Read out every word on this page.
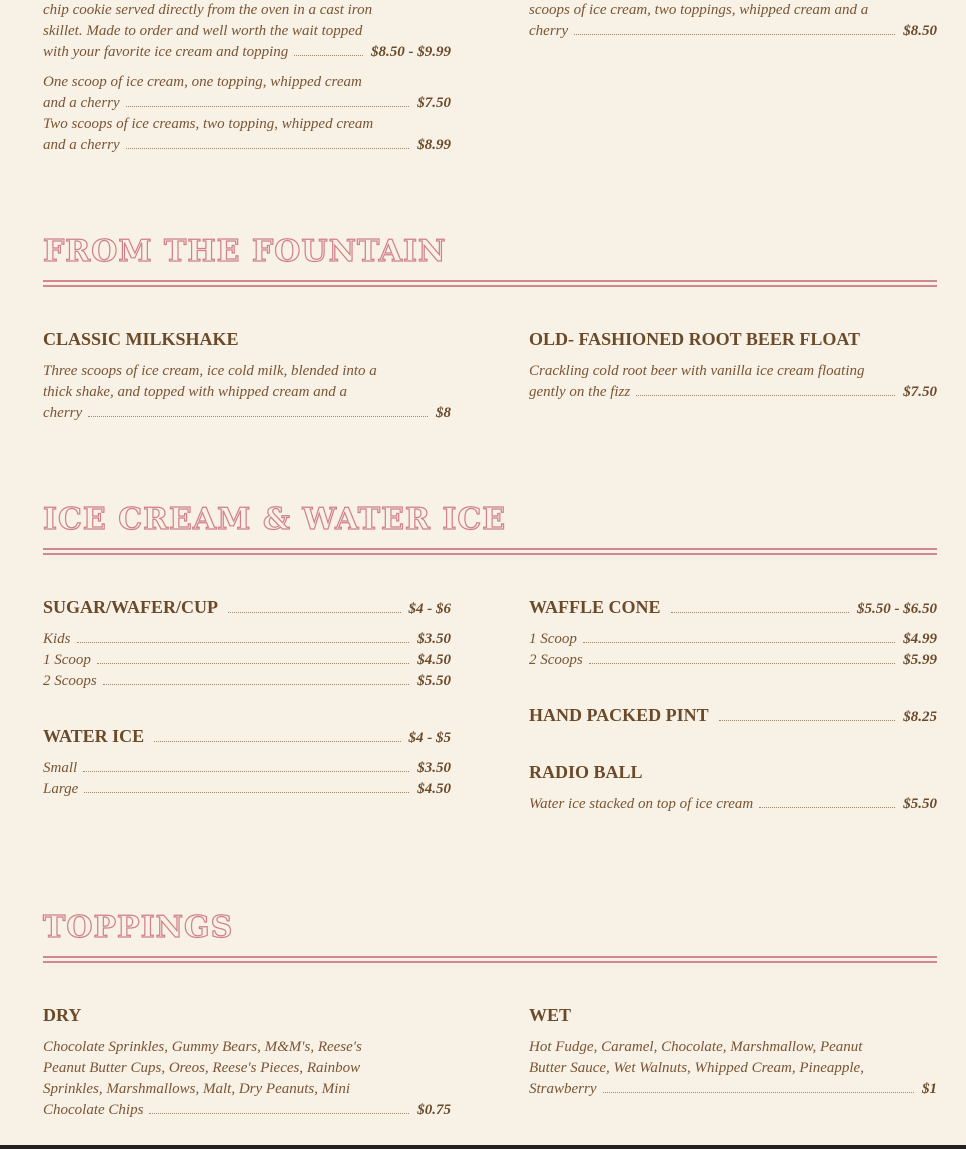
chip cookie served directly from the oven in a cast iron
skillet. Made to order and well worth the wait topped
with your favorite ice cream and topping	$8.50 - $9.99
One scoop of ice cream, one topping, whipped cream
and a cherry	$7.50
Two scoops of ice creams, two topping, whipped cream
and a cherry	$8.99
scoops of ice cream, two toppings, whipped cream and a
cherry	$8.50
FROM THE FOUNTAIN
CLASSIC MILKSHAKE
Three scoops of ice cream, ice cold milk, blended into a
thick shake, and topped with whipped cream and a
cherry	$8
OLD- FASHIONED ROOT BEER FLOAT
Crackling cold root beer with vanilla ice cream floating
gently on the fizz	$7.50
ICE CREAM & WATER ICE
SUGAR/WAFER/CUP	$4 - $6
Kids	$3.50
1 Scoop	$4.50
2 Scoops	$5.50
WATER ICE	$4 - $5
Small	$3.50
Large	$4.50
WAFFLE CONE	$5.50 - $6.50
1 Scoop	$4.99
2 Scoops	$5.99
HAND PACKED PINT	$8.25
RADIO BALL
Water ice stacked on top of ice cream	$5.50
TOPPINGS
DRY
Chocolate Sprinkles, Gummy Bears, M&M's, Reese's
Peanut Butter Cups, Oreos, Reese's Pieces, Rainbow
Sprinkles, Marshmallows, Malt, Dry Peanuts, Mini
Chocolate Chips	$0.75
WET
Hot Fudge, Caramel, Chocolate, Marshmallow, Peanut
Butter Sauce, Wet Walnuts, Whipped Cream, Pineapple,
Strawberry	$1
